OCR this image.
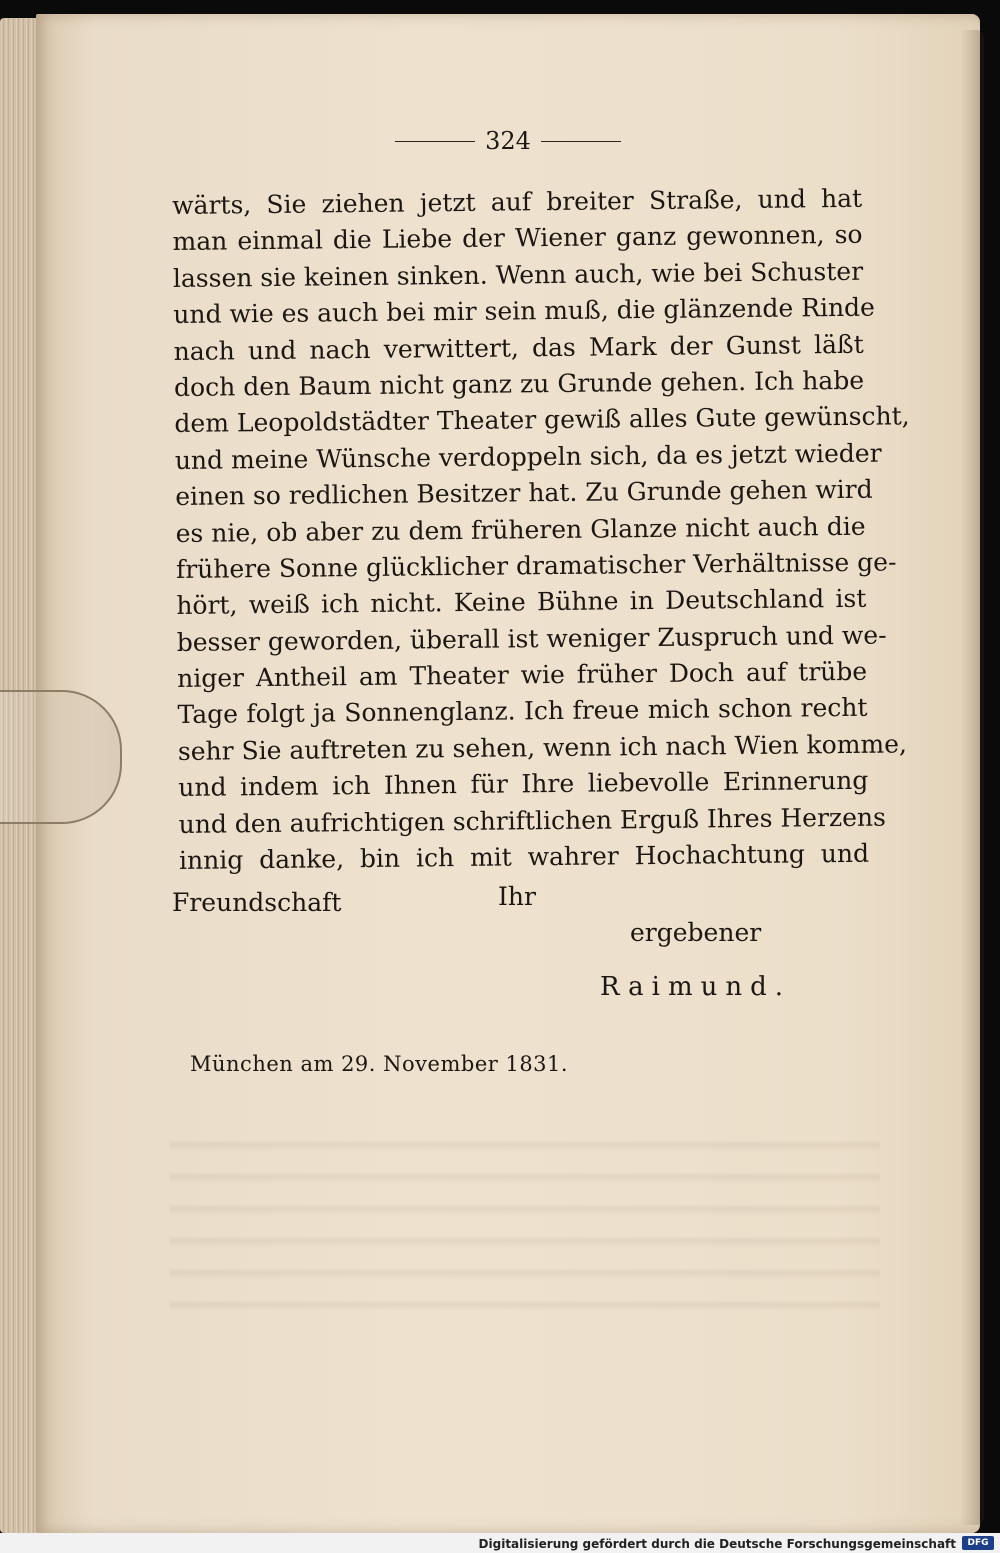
324
wärts, Sie ziehen jetzt auf breiter Straße, und hat
man einmal die Liebe der Wiener ganz gewonnen, so
lassen sie keinen sinken. Wenn auch, wie bei Schuster
und wie es auch bei mir sein muß, die glänzende Rinde
nach und nach verwittert, das Mark der Gunst läßt
doch den Baum nicht ganz zu Grunde gehen. Ich habe
dem Leopoldstädter Theater gewiß alles Gute gewünscht,
und meine Wünsche verdoppeln sich, da es jetzt wieder
einen so redlichen Besitzer hat. Zu Grunde gehen wird
es nie, ob aber zu dem früheren Glanze nicht auch die
frühere Sonne glücklicher dramatischer Verhältnisse ge-
hört, weiß ich nicht. Keine Bühne in Deutschland ist
besser geworden, überall ist weniger Zuspruch und we-
niger Antheil am Theater wie früher Doch auf trübe
Tage folgt ja Sonnenglanz. Ich freue mich schon recht
sehr Sie auftreten zu sehen, wenn ich nach Wien komme,
und indem ich Ihnen für Ihre liebevolle Erinnerung
und den aufrichtigen schriftlichen Erguß Ihres Herzens
innig danke, bin ich mit wahrer Hochachtung und
Freundschaft	Ihr
ergebener
Raimund.
München am 29. November 1831.
Digitalisierung gefördert durch die Deutsche Forschungsgemeinschaft	DFG
